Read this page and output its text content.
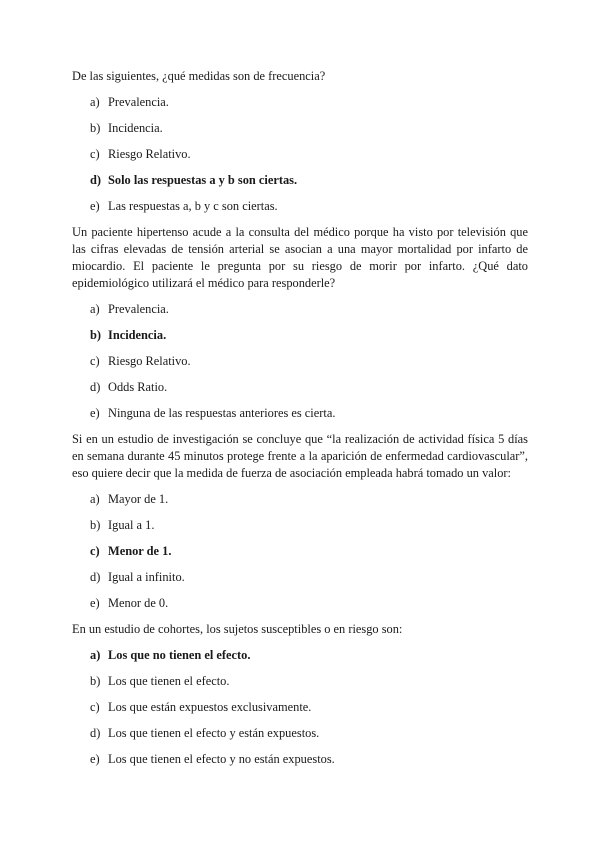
De las siguientes, ¿qué medidas son de frecuencia?

a) Prevalencia.
b) Incidencia.
c) Riesgo Relativo.
d) Solo las respuestas a y b son ciertas.
e) Las respuestas a, b y c son ciertas.

Un paciente hipertenso acude a la consulta del médico porque ha visto por televisión que las cifras elevadas de tensión arterial se asocian a una mayor mortalidad por infarto de miocardio. El paciente le pregunta por su riesgo de morir por infarto. ¿Qué dato epidemiológico utilizará el médico para responderle?

a) Prevalencia.
b) Incidencia.
c) Riesgo Relativo.
d) Odds Ratio.
e) Ninguna de las respuestas anteriores es cierta.

Si en un estudio de investigación se concluye que “la realización de actividad física 5 días en semana durante 45 minutos protege frente a la aparición de enfermedad cardiovascular”, eso quiere decir que la medida de fuerza de asociación empleada habrá tomado un valor:

a) Mayor de 1.
b) Igual a 1.
c) Menor de 1.
d) Igual a infinito.
e) Menor de 0.

En un estudio de cohortes, los sujetos susceptibles o en riesgo son:

a) Los que no tienen el efecto.
b) Los que tienen el efecto.
c) Los que están expuestos exclusivamente.
d) Los que tienen el efecto y están expuestos.
e) Los que tienen el efecto y no están expuestos.
